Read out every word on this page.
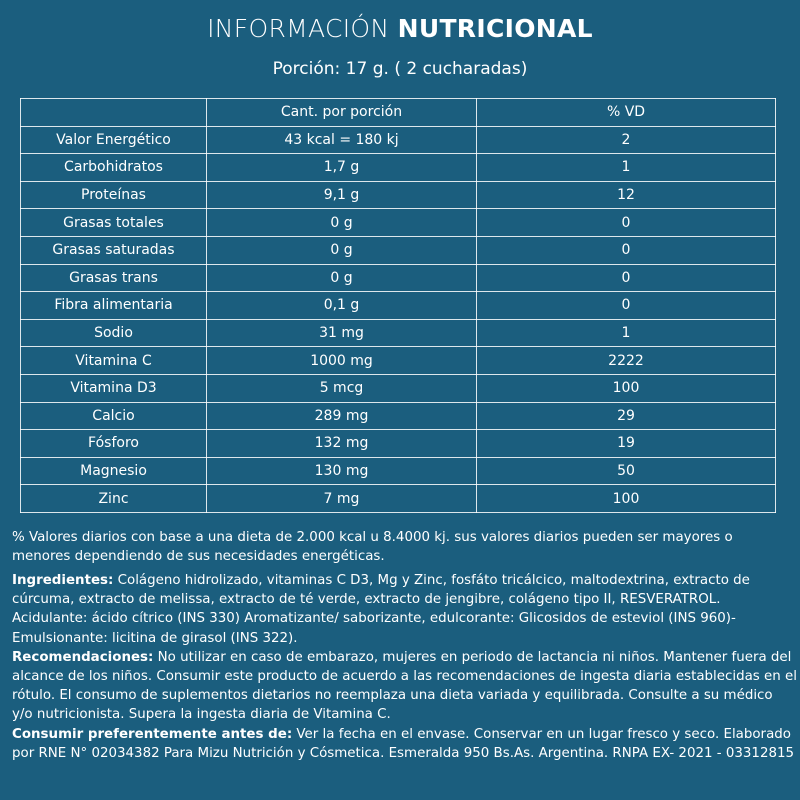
INFORMACIÓN NUTRICIONAL
Porción: 17 g. ( 2 cucharadas)
	Cant. por porción	% VD
Valor Energético	43 kcal = 180 kj	2
Carbohidratos	1,7 g	1
Proteínas	9,1 g	12
Grasas totales	0 g	0
Grasas saturadas	0 g	0
Grasas trans	0 g	0
Fibra alimentaria	0,1 g	0
Sodio	31 mg	1
Vitamina C	1000 mg	2222
Vitamina D3	5 mcg	100
Calcio	289 mg	29
Fósforo	132 mg	19
Magnesio	130 mg	50
Zinc	7 mg	100
% Valores diarios con base a una dieta de 2.000 kcal u 8.4000 kj. sus valores diarios pueden ser mayores o menores dependiendo de sus necesidades energéticas.

Ingredientes: Colágeno hidrolizado, vitaminas C D3, Mg y Zinc, fosfáto tricálcico, maltodextrina, extracto de cúrcuma, extracto de melissa, extracto de té verde, extracto de jengibre, colágeno tipo II, RESVERATROL. Acidulante: ácido cítrico (INS 330) Aromatizante/ saborizante, edulcorante: Glicosidos de esteviol (INS 960)- Emulsionante: licitina de girasol (INS 322).

Recomendaciones: No utilizar en caso de embarazo, mujeres en periodo de lactancia ni niños. Mantener fuera del alcance de los niños. Consumir este producto de acuerdo a las recomendaciones de ingesta diaria establecidas en el rótulo. El consumo de suplementos dietarios no reemplaza una dieta variada y equilibrada. Consulte a su médico y/o nutricionista. Supera la ingesta diaria de Vitamina C.

Consumir preferentemente antes de: Ver la fecha en el envase. Conservar en un lugar fresco y seco. Elaborado por RNE N° 02034382 Para Mizu Nutrición y Cósmetica. Esmeralda 950 Bs.As. Argentina. RNPA EX- 2021 - 03312815
